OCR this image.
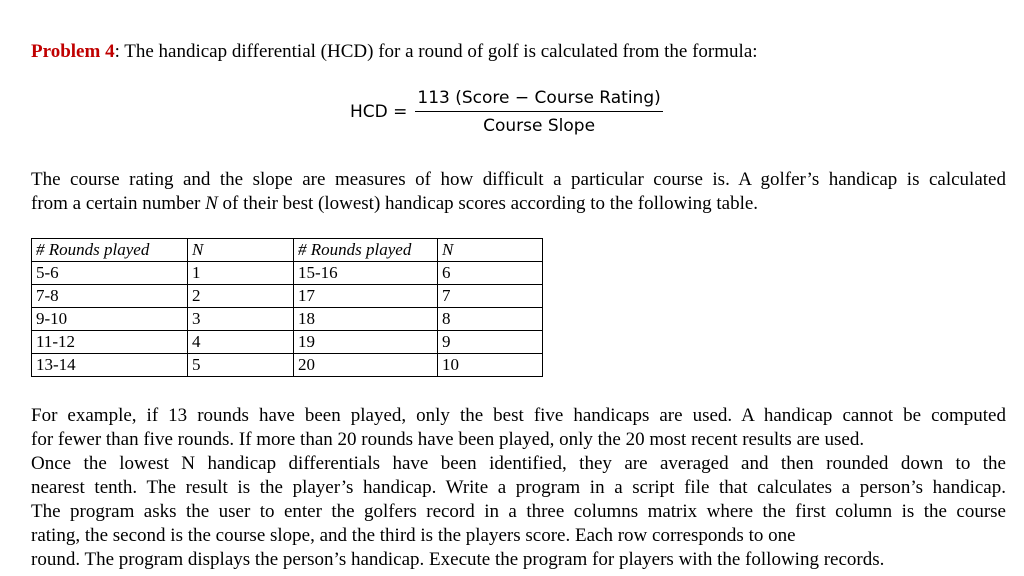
Problem 4: The handicap differential (HCD) for a round of golf is calculated from the formula:
HCD = $\frac{\text{113 (Score − Course Rating)}}{\text{Course Slope}}$
The course rating and the slope are measures of how difficult a particular course is. A golfer’s handicap is calculated
from a certain number N of their best (lowest) handicap scores according to the following table.
# Rounds played	N	# Rounds played	N
5-6	1	15-16	6
7-8	2	17	7
9-10	3	18	8
11-12	4	19	9
13-14	5	20	10
For example, if 13 rounds have been played, only the best five handicaps are used. A handicap cannot be computed
for fewer than five rounds. If more than 20 rounds have been played, only the 20 most recent results are used.
Once the lowest N handicap differentials have been identified, they are averaged and then rounded down to the
nearest tenth. The result is the player’s handicap. Write a program in a script file that calculates a person’s handicap.
The program asks the user to enter the golfers record in a three columns matrix where the first column is the course
rating, the second is the course slope, and the third is the players score. Each row corresponds to one
round. The program displays the person’s handicap. Execute the program for players with the following records.
